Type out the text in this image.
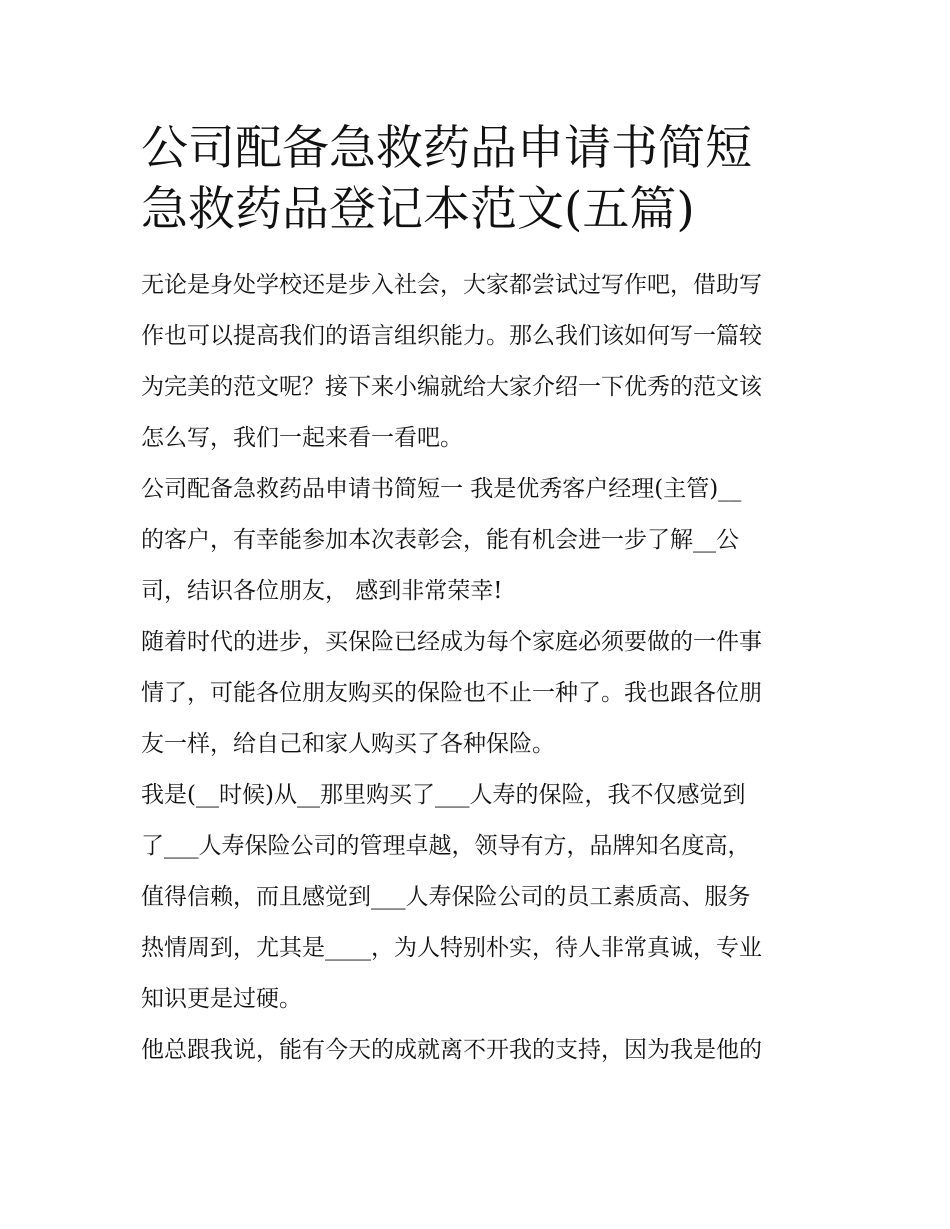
公司配备急救药品申请书简短
急救药品登记本范文(五篇)
无论是身处学校还是步入社会，大家都尝试过写作吧，借助写
作也可以提高我们的语言组织能力。那么我们该如何写一篇较
为完美的范文呢？接下来小编就给大家介绍一下优秀的范文该
怎么写，我们一起来看一看吧。
公司配备急救药品申请书简短一 我是优秀客户经理(主管)__
的客户，有幸能参加本次表彰会，能有机会进一步了解__公
司，结识各位朋友， 感到非常荣幸!
随着时代的进步，买保险已经成为每个家庭必须要做的一件事
情了，可能各位朋友购买的保险也不止一种了。我也跟各位朋
友一样，给自己和家人购买了各种保险。
我是(__时候)从__那里购买了___人寿的保险，我不仅感觉到
了___人寿保险公司的管理卓越，领导有方，品牌知名度高，
值得信赖，而且感觉到___人寿保险公司的员工素质高、服务
热情周到，尤其是____，为人特别朴实，待人非常真诚，专业
知识更是过硬。
他总跟我说，能有今天的成就离不开我的支持，因为我是他的
